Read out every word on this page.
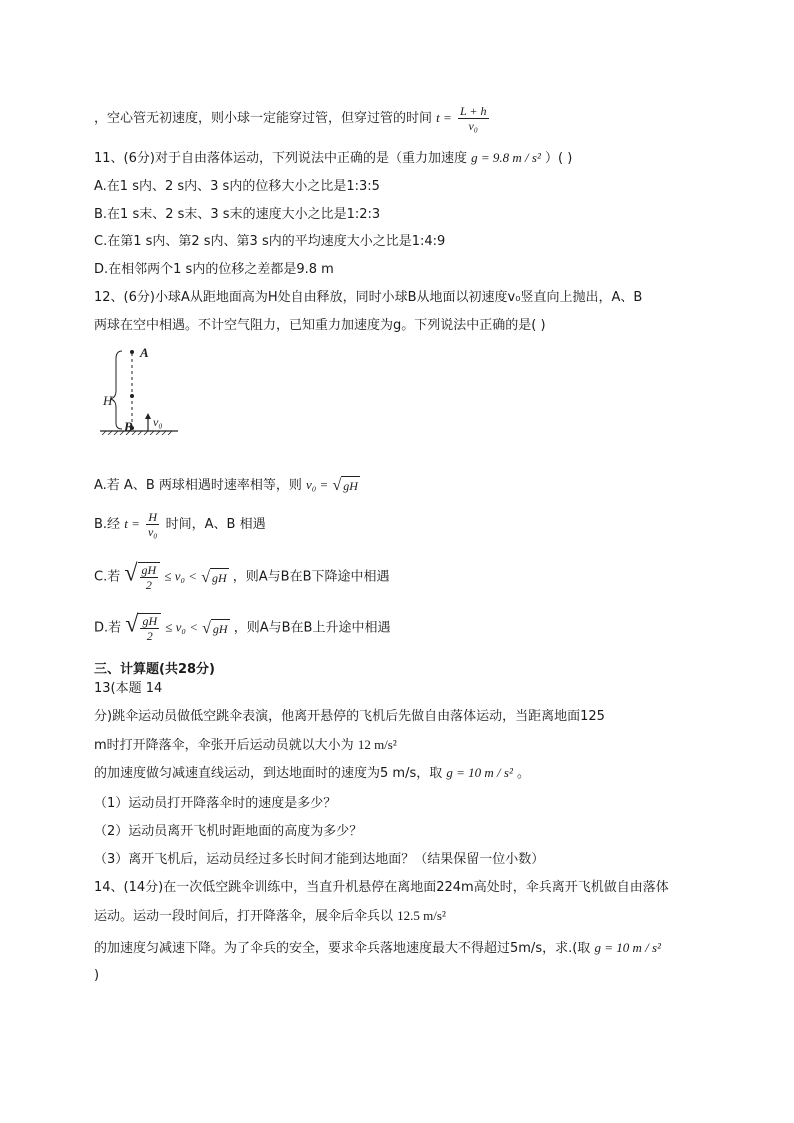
，空心管无初速度，则小球一定能穿过管，但穿过管的时间 $t = \frac{L + h}{\text{v₀}}$
11、(6分)对于自由落体运动，下列说法中正确的是（重力加速度 g = 9.8 m / s² ）( )
A.在1 s内、2 s内、3 s内的位移大小之比是1:3:5
B.在1 s末、2 s末、3 s末的速度大小之比是1:2:3
C.在第1 s内、第2 s内、第3 s内的平均速度大小之比是1:4:9
D.在相邻两个1 s内的位移之差都是9.8 m
12、(6分)小球A从距地面高为H处自由释放，同时小球B从地面以初速度v₀竖直向上抛出，A、B
两球在空中相遇。不计空气阻力，已知重力加速度为g。下列说法中正确的是( )
A
H
B v₀
A.若 A、B 两球相遇时速率相等，则 v₀ = √ gH
B.经 $t = \frac{H}{\text{v₀}}$ 时间，A、B 相遇
C.若 √ $\frac{gH}{2} \le v_0$ < √ gH ，则A与B在B下降途中相遇
D.若 √ $\frac{gH}{2} \le v_0$ < √ gH ，则A与B在B上升途中相遇
三、计算题(共28分)
13(本题 14
分)跳伞运动员做低空跳伞表演，他离开悬停的飞机后先做自由落体运动，当距离地面125
m时打开降落伞，伞张开后运动员就以大小为 12 m/s²
的加速度做匀减速直线运动，到达地面时的速度为5 m/s，取 g = 10 m / s² 。
（1）运动员打开降落伞时的速度是多少？
（2）运动员离开飞机时距地面的高度为多少？
（3）离开飞机后，运动员经过多长时间才能到达地面？（结果保留一位小数）
14、(14分)在一次低空跳伞训练中，当直升机悬停在离地面224m高处时，伞兵离开飞机做自由落体
运动。运动一段时间后，打开降落伞，展伞后伞兵以 12.5 m/s²
的加速度匀减速下降。为了伞兵的安全，要求伞兵落地速度最大不得超过5m/s，求.(取 g = 10 m / s²
)
